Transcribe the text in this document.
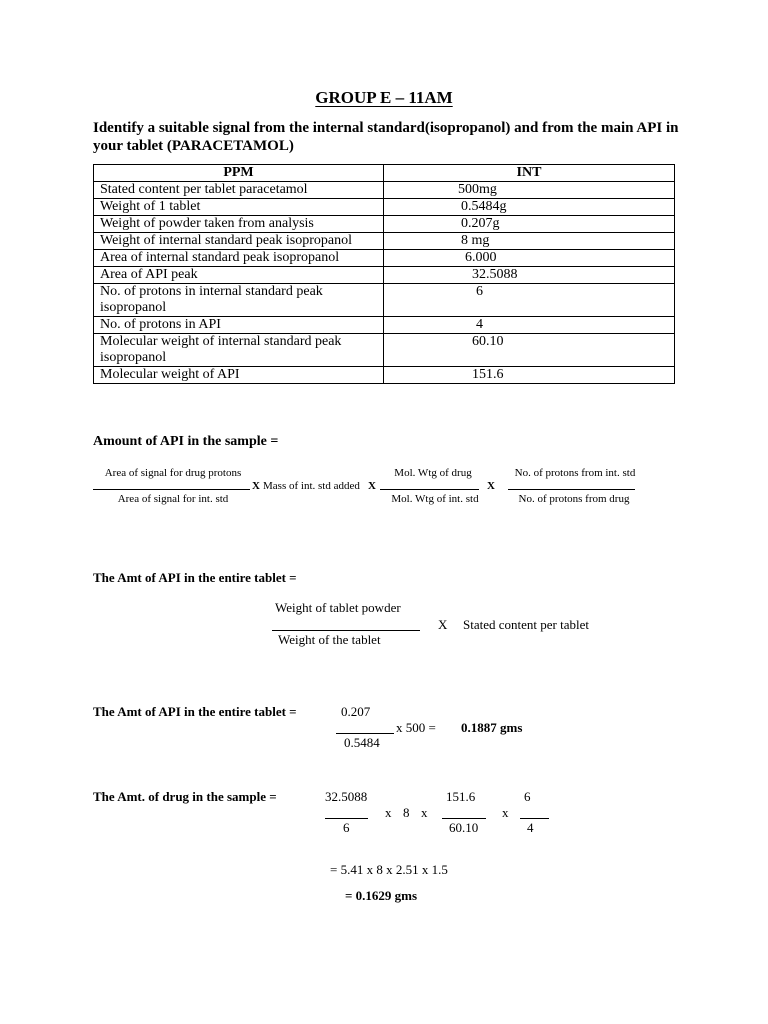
GROUP E – 11AM
Identify a suitable signal from the internal standard(isopropanol) and from the main API in your tablet (PARACETAMOL)
PPM	INT
Stated content per tablet paracetamol	500mg
Weight of 1 tablet	0.5484g
Weight of powder taken from analysis	0.207g
Weight of internal standard peak isopropanol	8 mg
Area of internal standard peak isopropanol	6.000
Area of API peak	32.5088
No. of protons in internal standard peak isopropanol	6
No. of protons in API	4
Molecular weight of internal standard peak isopropanol	60.10
Molecular weight of API	151.6
Amount of API in the sample =
Area of signal for drug protons
Area of signal for int. std
X Mass of int. std added X
Mol. Wtg of drug
Mol. Wtg of int. std
X
No. of protons from int. std
No. of protons from drug
The Amt of API in the entire tablet =
Weight of tablet powder
Weight of the tablet
X Stated content per tablet
The Amt of API in the entire tablet =	0.207
0.5484
x 500 = 0.1887 gms
The Amt. of drug in the sample =	32.5088
6
x 8 x
151.6
60.10
x
6
4
= 5.41 x 8 x 2.51 x 1.5
= 0.1629 gms
